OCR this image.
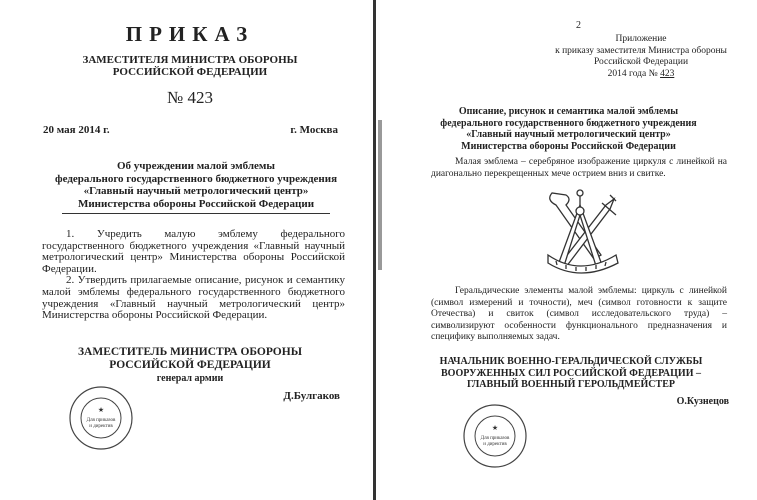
ПРИКАЗ
ЗАМЕСТИТЕЛЯ МИНИСТРА ОБОРОНЫ
РОССИЙСКОЙ ФЕДЕРАЦИИ
№ 423
20 мая 2014 г.	г. Москва
Об учреждении малой эмблемы
федерального государственного бюджетного учреждения
«Главный научный метрологический центр»
Министерства обороны Российской Федерации
1. Учредить малую эмблему федерального государственного бюджетного учреждения «Главный научный метрологический центр» Министерства обороны Российской Федерации.
2. Утвердить прилагаемые описание, рисунок и семантику малой эмблемы федерального государственного бюджетного учреждения «Главный научный метрологический центр» Министерства обороны Российской Федерации.
ЗАМЕСТИТЕЛЬ МИНИСТРА ОБОРОНЫ
РОССИЙСКОЙ ФЕДЕРАЦИИ
генерал армии
Д.Булгаков
★
Для приказов
и директив
2
Приложение
к приказу заместителя Министра обороны
Российской Федерации
2014 года № 423
Описание, рисунок и семантика малой эмблемы
федерального государственного бюджетного учреждения
«Главный научный метрологический центр»
Министерства обороны Российской Федерации
Малая эмблема – серебряное изображение циркуля с линейкой на диагонально перекрещенных мече острием вниз и свитке.
Геральдические элементы малой эмблемы: циркуль с линейкой (символ измерений и точности), меч (символ готовности к защите Отечества) и свиток (символ исследовательского труда) – символизируют особенности функционального предназначения и специфику выполняемых задач.
НАЧАЛЬНИК ВОЕННО-ГЕРАЛЬДИЧЕСКОЙ СЛУЖБЫ
ВООРУЖЕННЫХ СИЛ РОССИЙСКОЙ ФЕДЕРАЦИИ –
ГЛАВНЫЙ ВОЕННЫЙ ГЕРОЛЬДМЕЙСТЕР
О.Кузнецов
★
Для приказов
и директив
